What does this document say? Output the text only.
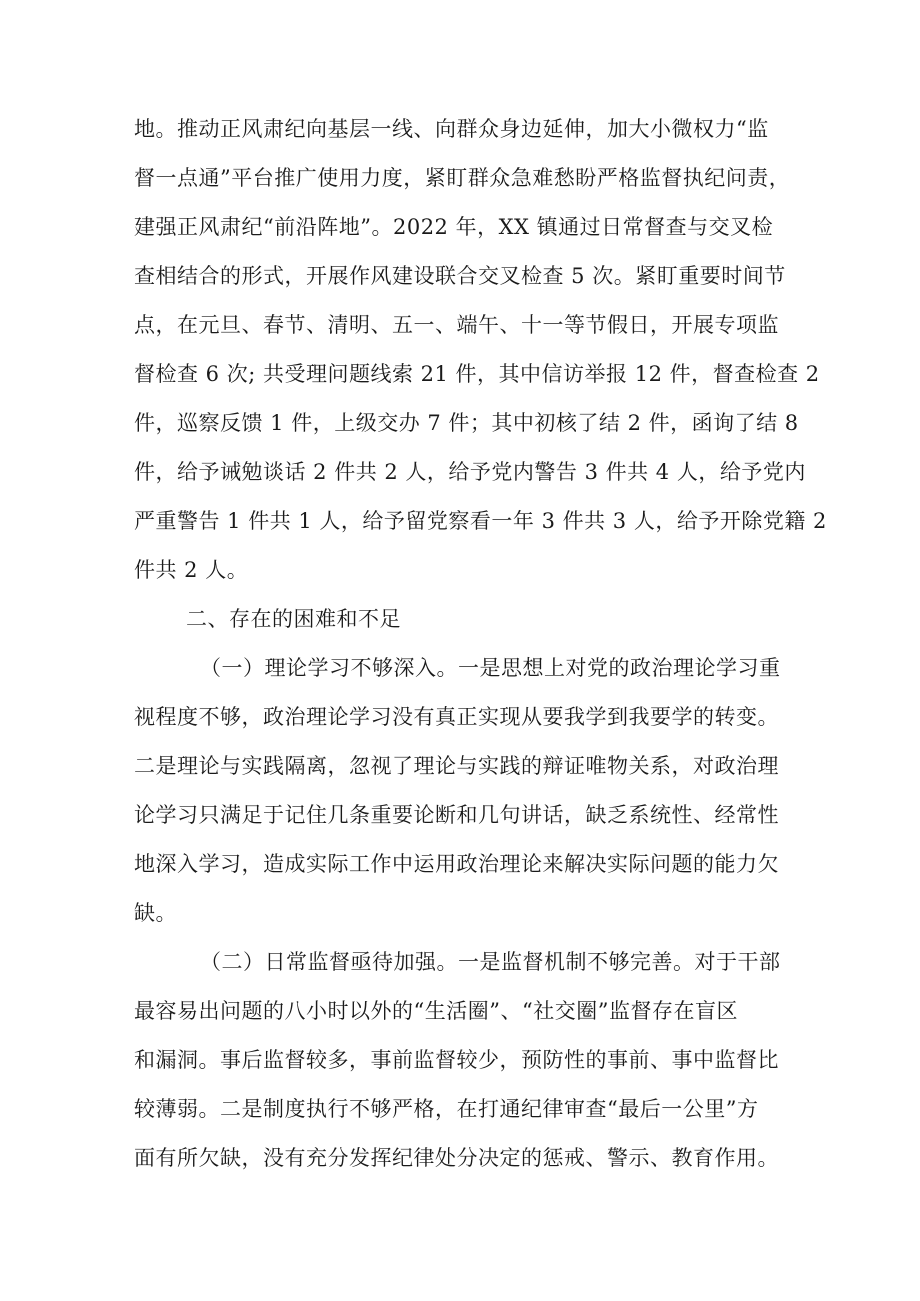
地。推动正风肃纪向基层一线、向群众身边延伸，加大小微权力“监
督一点通”平台推广使用力度，紧盯群众急难愁盼严格监督执纪问责，
建强正风肃纪“前沿阵地”。2022 年，XX 镇通过日常督查与交叉检
查相结合的形式，开展作风建设联合交叉检查 5 次。紧盯重要时间节
点，在元旦、春节、清明、五一、端午、十一等节假日，开展专项监
督检查 6 次; 共受理问题线索 21 件，其中信访举报 12 件，督查检查 2
件，巡察反馈 1 件，上级交办 7 件；其中初核了结 2 件，函询了结 8
件，给予诫勉谈话 2 件共 2 人，给予党内警告 3 件共 4 人，给予党内
严重警告 1 件共 1 人，给予留党察看一年 3 件共 3 人，给予开除党籍 2
件共 2 人。
二、存在的困难和不足
（一）理论学习不够深入。一是思想上对党的政治理论学习重
视程度不够，政治理论学习没有真正实现从要我学到我要学的转变。
二是理论与实践隔离，忽视了理论与实践的辩证唯物关系，对政治理
论学习只满足于记住几条重要论断和几句讲话，缺乏系统性、经常性
地深入学习，造成实际工作中运用政治理论来解决实际问题的能力欠
缺。
（二）日常监督亟待加强。一是监督机制不够完善。对于干部
最容易出问题的八小时以外的“生活圈”、“社交圈”监督存在盲区
和漏洞。事后监督较多，事前监督较少，预防性的事前、事中监督比
较薄弱。二是制度执行不够严格，在打通纪律审查“最后一公里”方
面有所欠缺，没有充分发挥纪律处分决定的惩戒、警示、教育作用。
